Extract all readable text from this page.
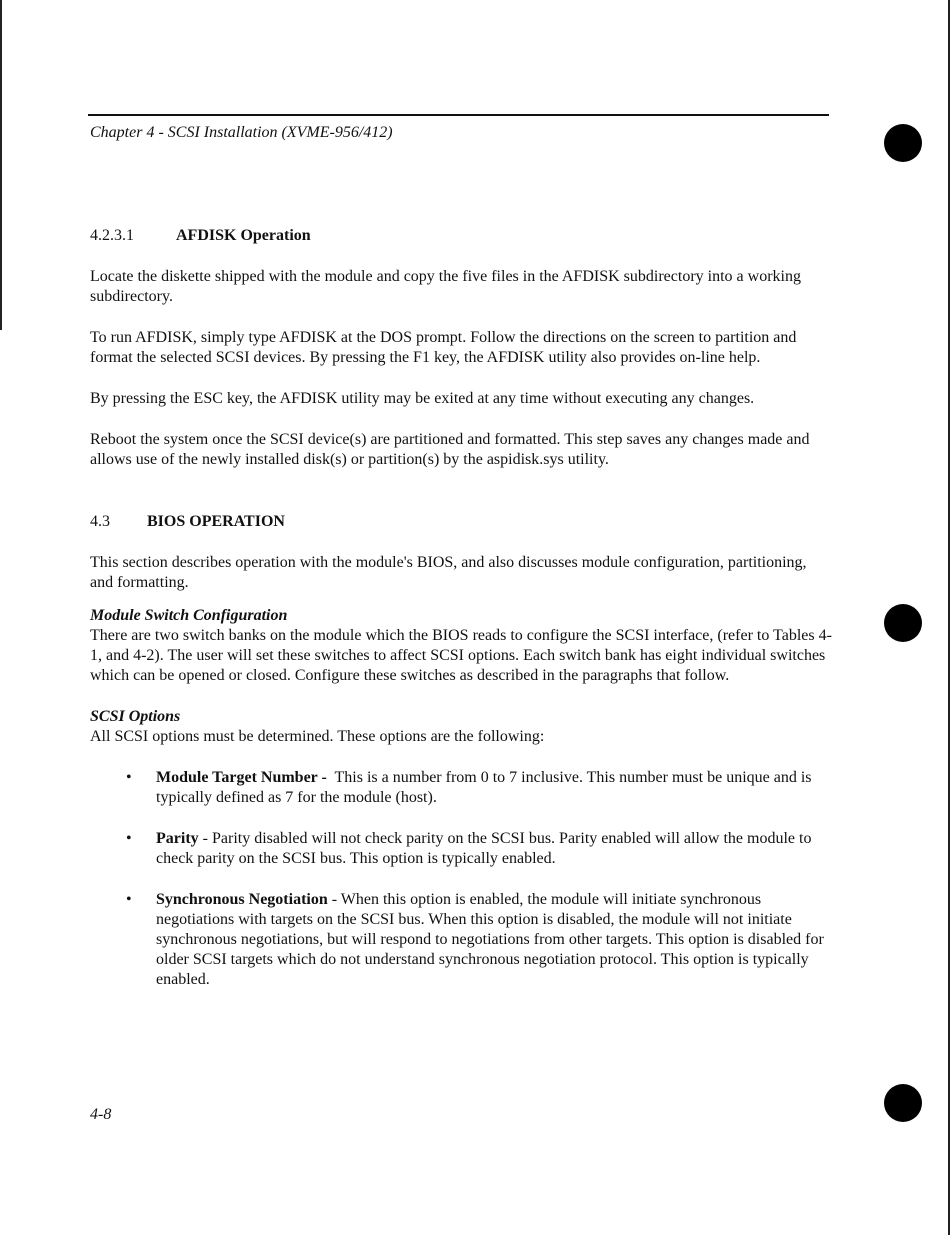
Chapter 4 - SCSI Installation (XVME-956/412)

4.2.3.1	AFDISK Operation

Locate the diskette shipped with the module and copy the five files in the AFDISK subdirectory into a working subdirectory.

To run AFDISK, simply type AFDISK at the DOS prompt. Follow the directions on the screen to partition and format the selected SCSI devices. By pressing the F1 key, the AFDISK utility also provides on-line help.

By pressing the ESC key, the AFDISK utility may be exited at any time without executing any changes.

Reboot the system once the SCSI device(s) are partitioned and formatted. This step saves any changes made and allows use of the newly installed disk(s) or partition(s) by the aspidisk.sys utility.

4.3 BIOS OPERATION

This section describes operation with the module's BIOS, and also discusses module configuration, partitioning, and formatting.

Module Switch Configuration

There are two switch banks on the module which the BIOS reads to configure the SCSI interface, (refer to Tables 4-1, and 4-2). The user will set these switches to affect SCSI options. Each switch bank has eight individual switches which can be opened or closed. Configure these switches as described in the paragraphs that follow.

SCSI Options

All SCSI options must be determined. These options are the following:

• Module Target Number - This is a number from 0 to 7 inclusive. This number must be unique and is typically defined as 7 for the module (host).
• Parity - Parity disabled will not check parity on the SCSI bus. Parity enabled will allow the module to check parity on the SCSI bus. This option is typically enabled.
• Synchronous Negotiation - When this option is enabled, the module will initiate synchronous negotiations with targets on the SCSI bus. When this option is disabled, the module will not initiate synchronous negotiations, but will respond to negotiations from other targets. This option is disabled for older SCSI targets which do not understand synchronous negotiation protocol. This option is typically enabled.
4-8
